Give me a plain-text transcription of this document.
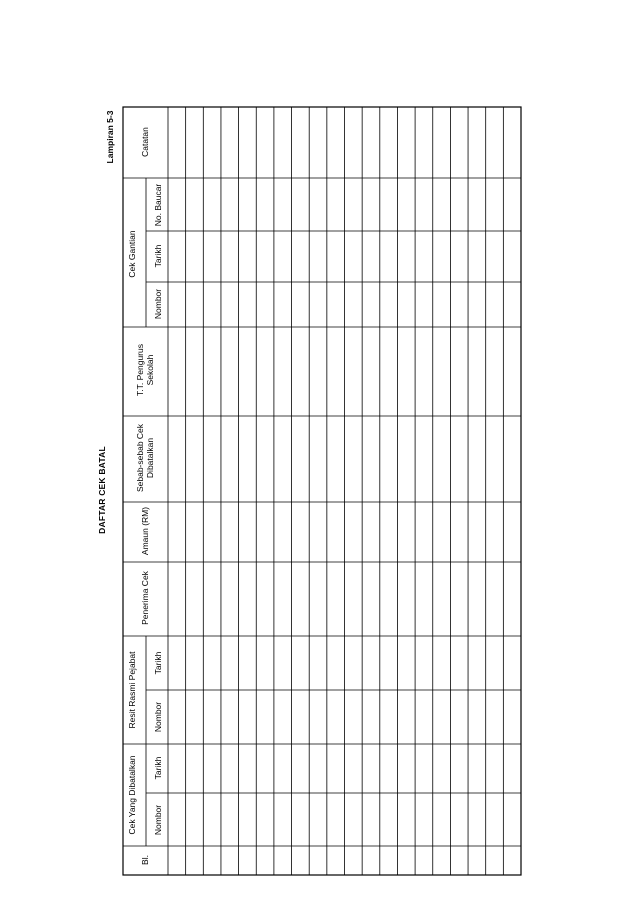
Lampiran 5-3
DAFTAR CEK BATAL
Bl.
Cek Yang Dibatalkan Nombor
Tarikh
Resit Rasmi Pejabat Nombor
Tarikh
Penerima Cek
Amaun (RM)
Sebab-sebab Cek Dibatalkan
T.T. Pengurus Sekolah
Cek Gantian
Nombor
Tarikh
No. Baucar
Catatan
